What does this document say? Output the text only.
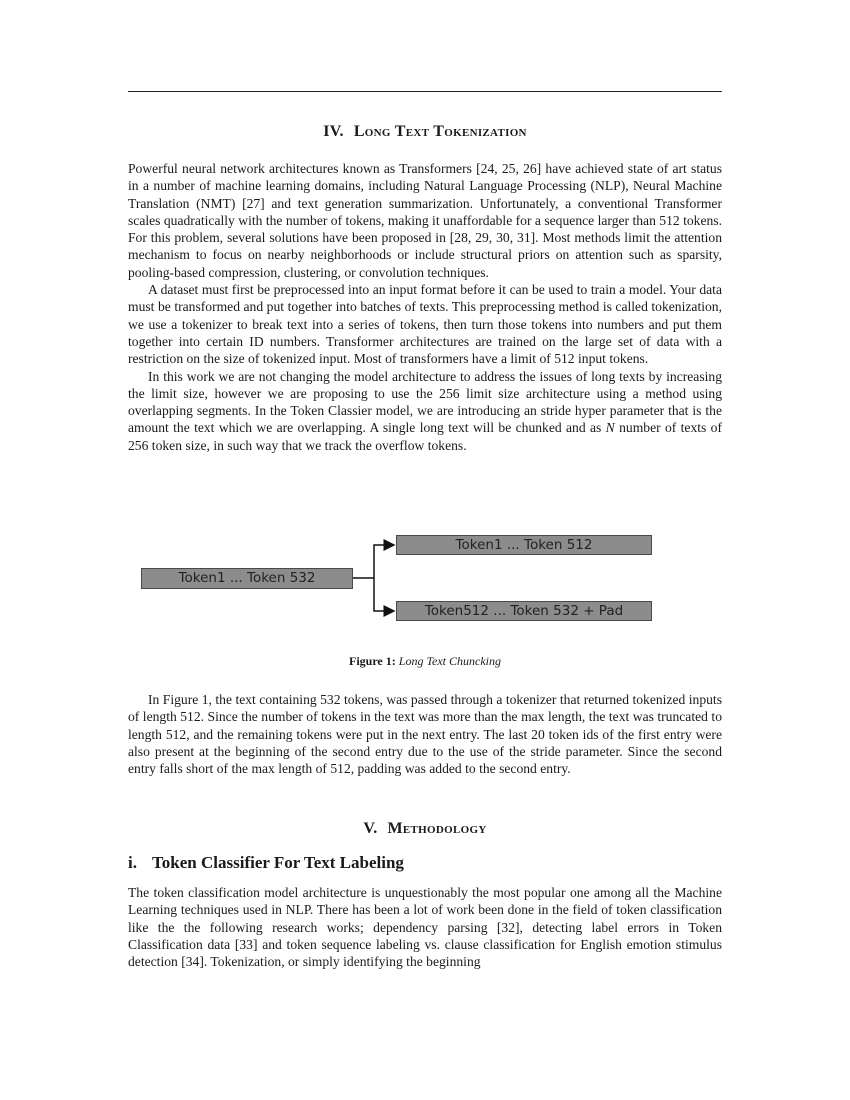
IV. Long Text Tokenization

Powerful neural network architectures known as Transformers [24, 25, 26] have achieved state of art status in a number of machine learning domains, including Natural Language Processing (NLP), Neural Machine Translation (NMT) [27] and text generation summarization. Unfortunately, a conventional Transformer scales quadratically with the number of tokens, making it unaffordable for a sequence larger than 512 tokens. For this problem, several solutions have been proposed in [28, 29, 30, 31]. Most methods limit the attention mechanism to focus on nearby neighborhoods or include structural priors on attention such as sparsity, pooling-based compression, clustering, or convolution techniques.

A dataset must first be preprocessed into an input format before it can be used to train a model. Your data must be transformed and put together into batches of texts. This preprocessing method is called tokenization, we use a tokenizer to break text into a series of tokens, then turn those tokens into numbers and put them together into certain ID numbers. Transformer architectures are trained on the large set of data with a restriction on the size of tokenized input. Most of transformers have a limit of 512 input tokens.

In this work we are not changing the model architecture to address the issues of long texts by increasing the limit size, however we are proposing to use the 256 limit size architecture using a method using overlapping segments. In the Token Classier model, we are introducing an stride hyper parameter that is the amount the text which we are overlapping. A single long text will be chunked and as N number of texts of 256 token size, in such way that we track the overflow tokens.

Token1 ... Token 532
Token1 ... Token 512
Token512 ... Token 532 + Pad
Figure 1: Long Text Chuncking

In Figure 1, the text containing 532 tokens, was passed through a tokenizer that returned tokenized inputs of length 512. Since the number of tokens in the text was more than the max length, the text was truncated to length 512, and the remaining tokens were put in the next entry. The last 20 token ids of the first entry were also present at the beginning of the second entry due to the use of the stride parameter. Since the second entry falls short of the max length of 512, padding was added to the second entry.

V. Methodology
i. Token Classifier For Text Labeling

The token classification model architecture is unquestionably the most popular one among all the Machine Learning techniques used in NLP. There has been a lot of work been done in the field of token classification like the the following research works; dependency parsing [32], detecting label errors in Token Classification data [33] and token sequence labeling vs. clause classification for English emotion stimulus detection [34]. Tokenization, or simply identifying the beginning
